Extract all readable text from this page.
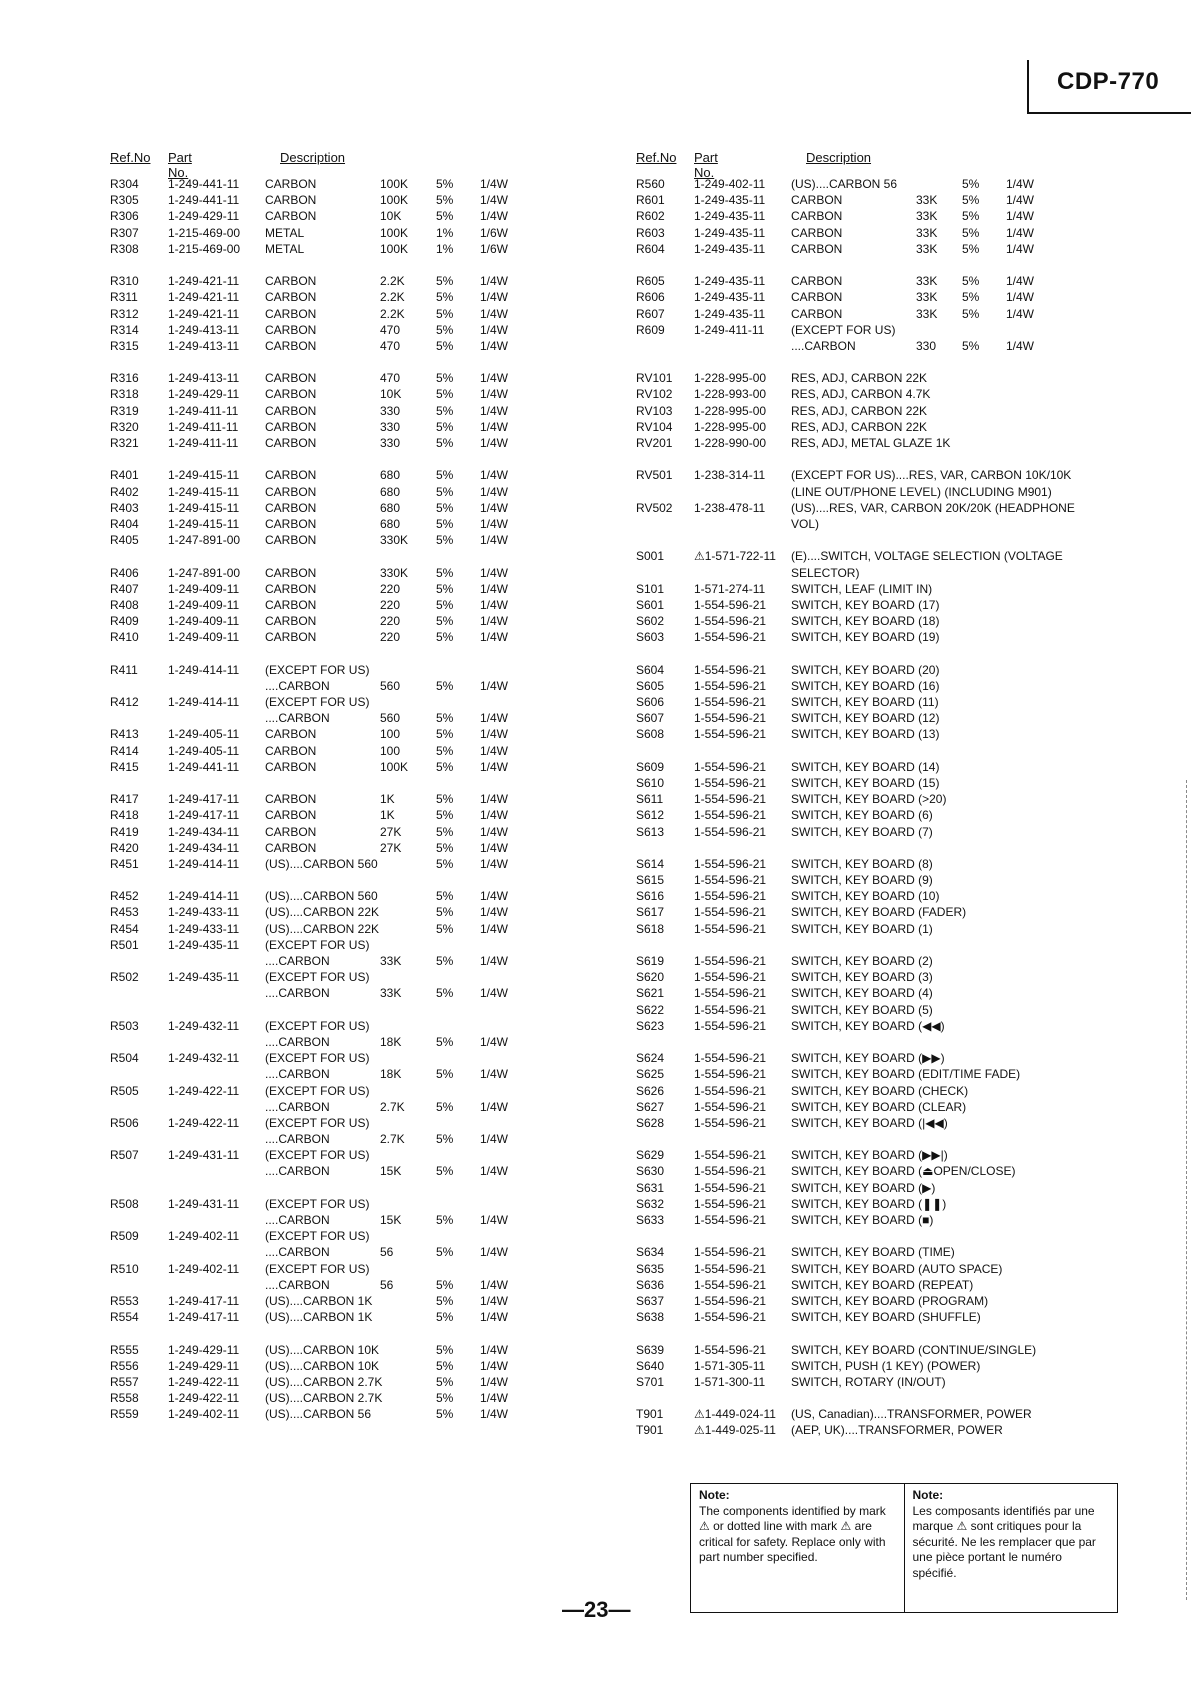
CDP-770
Ref.No Part No.
Description
R304 1-249-441-11 CARBON	100K 5% 1/4W
R305 1-249-441-11 CARBON	100K 5% 1/4W
R306 1-249-429-11 CARBON	10K	5% 1/4W
R307 1-215-469-00 METAL	100K 1% 1/6W
R308 1-215-469-00 METAL	100K 1% 1/6W
R310 1-249-421-11 CARBON	2.2K	5% 1/4W
R311	1-249-421-11 CARBON	2.2K	5% 1/4W
R312 1-249-421-11 CARBON	2.2K	5% 1/4W
R314 1-249-413-11 CARBON	470	5% 1/4W
R315 1-249-413-11 CARBON	470	5% 1/4W
R316 1-249-413-11 CARBON	470	5% 1/4W
R318 1-249-429-11 CARBON	10K	5% 1/4W
R319 1-249-411-11 CARBON	330	5% 1/4W
R320 1-249-411-11 CARBON	330	5% 1/4W
R321 1-249-411-11 CARBON	330	5% 1/4W
R401 1-249-415-11 CARBON	680	5% 1/4W
R402 1-249-415-11 CARBON	680	5% 1/4W
R403 1-249-415-11 CARBON	680	5% 1/4W
R404 1-249-415-11 CARBON	680	5% 1/4W
R405 1-247-891-00 CARBON	330K 5% 1/4W
R406 1-247-891-00 CARBON	330K 5% 1/4W
R407 1-249-409-11 CARBON	220	5% 1/4W
R408 1-249-409-11 CARBON	220	5% 1/4W
R409 1-249-409-11 CARBON	220	5% 1/4W
R410 1-249-409-11 CARBON	220	5% 1/4W
R411	1-249-414-11 (EXCEPT FOR US)
....CARBON	560	5% 1/4W
R412 1-249-414-11 (EXCEPT FOR US)
....CARBON	560	5% 1/4W
R413 1-249-405-11 CARBON	100	5% 1/4W
R414 1-249-405-11 CARBON	100	5% 1/4W
R415 1-249-441-11 CARBON	100K 5% 1/4W
R417 1-249-417-11 CARBON	1K	5% 1/4W
R418 1-249-417-11 CARBON	1K	5% 1/4W
R419 1-249-434-11 CARBON	27K	5% 1/4W
R420 1-249-434-11 CARBON	27K	5% 1/4W
R451 1-249-414-11 (US)....CARBON 560	5% 1/4W
R452 1-249-414-11 (US)....CARBON 560	5% 1/4W
R453 1-249-433-11 (US)....CARBON 22K	5% 1/4W
R454 1-249-433-11 (US)....CARBON 22K	5% 1/4W
R501 1-249-435-11 (EXCEPT FOR US)
....CARBON	33K	5% 1/4W
R502 1-249-435-11 (EXCEPT FOR US)
....CARBON	33K	5% 1/4W
R503 1-249-432-11 (EXCEPT FOR US)
....CARBON	18K	5% 1/4W
R504 1-249-432-11 (EXCEPT FOR US)
....CARBON	18K	5% 1/4W
R505 1-249-422-11 (EXCEPT FOR US)
....CARBON	2.7K	5% 1/4W
R506 1-249-422-11 (EXCEPT FOR US)
....CARBON	2.7K	5% 1/4W
R507 1-249-431-11 (EXCEPT FOR US)
....CARBON	15K	5% 1/4W
R508 1-249-431-11 (EXCEPT FOR US)
....CARBON	15K	5% 1/4W
R509 1-249-402-11 (EXCEPT FOR US)
....CARBON	56	5% 1/4W
R510 1-249-402-11 (EXCEPT FOR US)
....CARBON	56	5% 1/4W
R553 1-249-417-11 (US)....CARBON 1K	5% 1/4W
R554 1-249-417-11 (US)....CARBON 1K	5% 1/4W
R555 1-249-429-11 (US)....CARBON 10K	5% 1/4W
R556 1-249-429-11 (US)....CARBON 10K	5% 1/4W
R557 1-249-422-11 (US)....CARBON 2.7K	5% 1/4W
R558 1-249-422-11 (US)....CARBON 2.7K	5% 1/4W
R559 1-249-402-11 (US)....CARBON 56	5% 1/4W
Ref.No Part No.
Description
R560 1-249-402-11 (US)....CARBON 56	5% 1/4W
R601 1-249-435-11 CARBON	33K 5% 1/4W
R602 1-249-435-11 CARBON	33K 5% 1/4W
R603 1-249-435-11 CARBON	33K 5% 1/4W
R604 1-249-435-11 CARBON	33K 5% 1/4W
R605 1-249-435-11 CARBON	33K 5% 1/4W
R606 1-249-435-11 CARBON	33K 5% 1/4W
R607 1-249-435-11 CARBON	33K 5% 1/4W
R609 1-249-411-11 (EXCEPT FOR US)
....CARBON	330 5% 1/4W
RV101 1-228-995-00 RES, ADJ, CARBON 22K
RV102 1-228-993-00 RES, ADJ, CARBON 4.7K
RV103 1-228-995-00 RES, ADJ, CARBON 22K
RV104 1-228-995-00 RES, ADJ, CARBON 22K
RV201 1-228-990-00 RES, ADJ, METAL GLAZE 1K
RV501 1-238-314-11 (EXCEPT FOR US)....RES, VAR, CARBON 10K/10K
(LINE OUT/PHONE LEVEL) (INCLUDING M901)
RV502 1-238-478-11 (US)....RES, VAR, CARBON 20K/20K (HEADPHONE
VOL)
S001 ⚠1-571-722-11 (E)....SWITCH, VOLTAGE SELECTION (VOLTAGE
SELECTOR)
S101 1-571-274-11 SWITCH, LEAF (LIMIT IN)
S601 1-554-596-21 SWITCH, KEY BOARD (17)
S602 1-554-596-21 SWITCH, KEY BOARD (18)
S603 1-554-596-21 SWITCH, KEY BOARD (19)
S604 1-554-596-21 SWITCH, KEY BOARD (20)
S605 1-554-596-21 SWITCH, KEY BOARD (16)
S606 1-554-596-21 SWITCH, KEY BOARD (11)
S607 1-554-596-21 SWITCH, KEY BOARD (12)
S608 1-554-596-21 SWITCH, KEY BOARD (13)
S609 1-554-596-21 SWITCH, KEY BOARD (14)
S610 1-554-596-21 SWITCH, KEY BOARD (15)
S611	1-554-596-21 SWITCH, KEY BOARD (>20)
S612 1-554-596-21 SWITCH, KEY BOARD (6)
S613 1-554-596-21 SWITCH, KEY BOARD (7)
S614 1-554-596-21 SWITCH, KEY BOARD (8)
S615 1-554-596-21 SWITCH, KEY BOARD (9)
S616 1-554-596-21 SWITCH, KEY BOARD (10)
S617 1-554-596-21 SWITCH, KEY BOARD (FADER)
S618 1-554-596-21 SWITCH, KEY BOARD (1)
S619 1-554-596-21 SWITCH, KEY BOARD (2)
S620 1-554-596-21 SWITCH, KEY BOARD (3)
S621 1-554-596-21 SWITCH, KEY BOARD (4)
S622 1-554-596-21 SWITCH, KEY BOARD (5)
S623 1-554-596-21 SWITCH, KEY BOARD (◀◀)
S624 1-554-596-21 SWITCH, KEY BOARD (▶▶)
S625 1-554-596-21 SWITCH, KEY BOARD (EDIT/TIME FADE)
S626 1-554-596-21 SWITCH, KEY BOARD (CHECK)
S627 1-554-596-21 SWITCH, KEY BOARD (CLEAR)
S628 1-554-596-21 SWITCH, KEY BOARD (|◀◀)
S629 1-554-596-21 SWITCH, KEY BOARD (▶▶|)
S630 1-554-596-21 SWITCH, KEY BOARD (⏏OPEN/CLOSE)
S631 1-554-596-21 SWITCH, KEY BOARD (▶)
S632 1-554-596-21 SWITCH, KEY BOARD (❚❚)
S633 1-554-596-21 SWITCH, KEY BOARD (■)
S634 1-554-596-21 SWITCH, KEY BOARD (TIME)
S635 1-554-596-21 SWITCH, KEY BOARD (AUTO SPACE)
S636 1-554-596-21 SWITCH, KEY BOARD (REPEAT)
S637 1-554-596-21 SWITCH, KEY BOARD (PROGRAM)
S638 1-554-596-21 SWITCH, KEY BOARD (SHUFFLE)
S639 1-554-596-21 SWITCH, KEY BOARD (CONTINUE/SINGLE)
S640 1-571-305-11 SWITCH, PUSH (1 KEY) (POWER)
S701 1-571-300-11 SWITCH, ROTARY (IN/OUT)
T901	⚠1-449-024-11 (US, Canadian)....TRANSFORMER, POWER
T901	⚠1-449-025-11 (AEP, UK)....TRANSFORMER, POWER
Note:
The components identified by mark ⚠ or dotted line with mark ⚠ are critical for safety. Replace only with part number specified.
Note:
Les composants identifiés par une marque ⚠ sont critiques pour la sécurité. Ne les remplacer que par une pièce portant le numéro spécifié.
—23—
